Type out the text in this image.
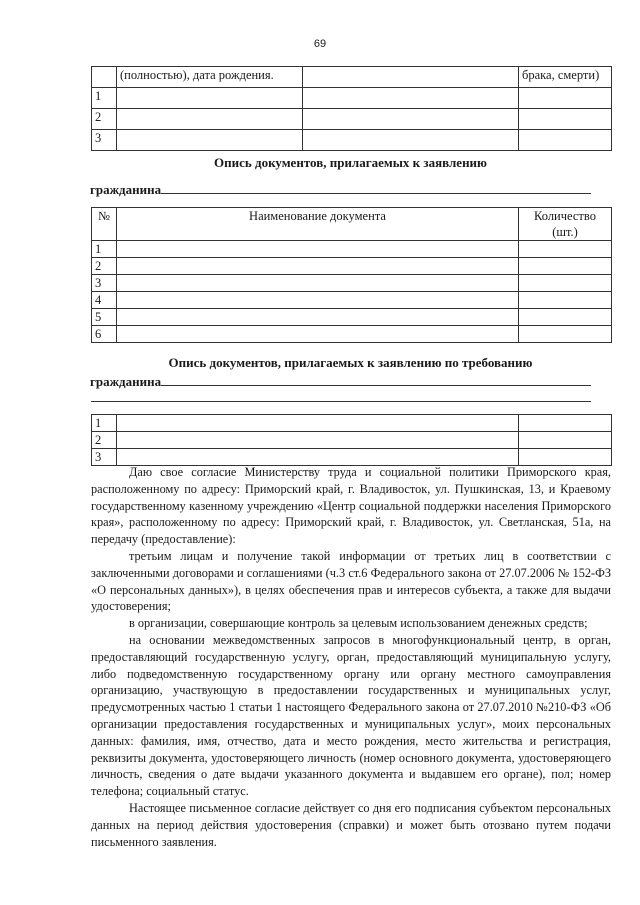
69
	(полностью), дата рождения.		брака, смерти)
1			
2			
3			
Опись документов, прилагаемых к заявлению
гражданина
№	Наименование документа	Количество (шт.)
1		
2		
3		
4		
5		
6		
Опись документов, прилагаемых к заявлению по требованию
гражданина
1		
2		
3		

Даю свое согласие Министерству труда и социальной политики Приморского края, расположенному по адресу: Приморский край, г. Владивосток, ул. Пушкинская, 13, и Краевому государственному казенному учреждению «Центр социальной поддержки населения Приморского края», расположенному по адресу: Приморский край, г. Владивосток, ул. Светланская, 51а, на передачу (предоставление):

третьим лицам и получение такой информации от третьих лиц в соответствии с заключенными договорами и соглашениями (ч.3 ст.6 Федерального закона от 27.07.2006 № 152-ФЗ «О персональных данных»), в целях обеспечения прав и интересов субъекта, а также для выдачи удостоверения;

в организации, совершающие контроль за целевым использованием денежных средств;

на основании межведомственных запросов в многофункциональный центр, в орган, предоставляющий государственную услугу, орган, предоставляющий муниципальную услугу, либо подведомственную государственному органу или органу местного самоуправления организацию, участвующую в предоставлении государственных и муниципальных услуг, предусмотренных частью 1 статьи 1 настоящего Федерального закона от 27.07.2010 №210-ФЗ «Об организации предоставления государственных и муниципальных услуг», моих персональных данных: фамилия, имя, отчество, дата и место рождения, место жительства и регистрация, реквизиты документа, удостоверяющего личность (номер основного документа, удостоверяющего личность, сведения о дате выдачи указанного документа и выдавшем его органе), пол; номер телефона; социальный статус.

Настоящее письменное согласие действует со дня его подписания субъектом персональных данных на период действия удостоверения (справки) и может быть отозвано путем подачи письменного заявления.
